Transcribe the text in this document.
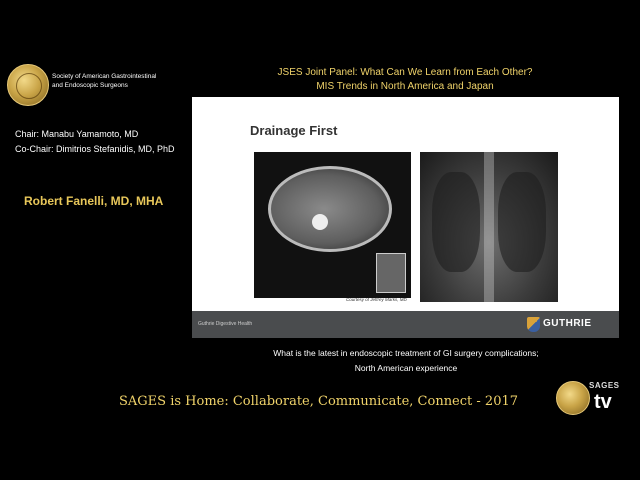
Society of American Gastrointestinal
and Endoscopic Surgeons
JSES Joint Panel: What Can We Learn from Each Other?
MIS Trends in North America and Japan
Chair: Manabu Yamamoto, MD
Co-Chair: Dimitrios Stefanidis, MD, PhD
Robert Fanelli, MD, MHA
Drainage First
Courtesy of Jeffrey Marks, MD
Guthrie Digestive Health	GUTHRIE
What is the latest in endoscopic treatment of GI surgery complications;
North American experience
SAGES is Home: Collaborate, Communicate, Connect - 2017
SAGES
tv
